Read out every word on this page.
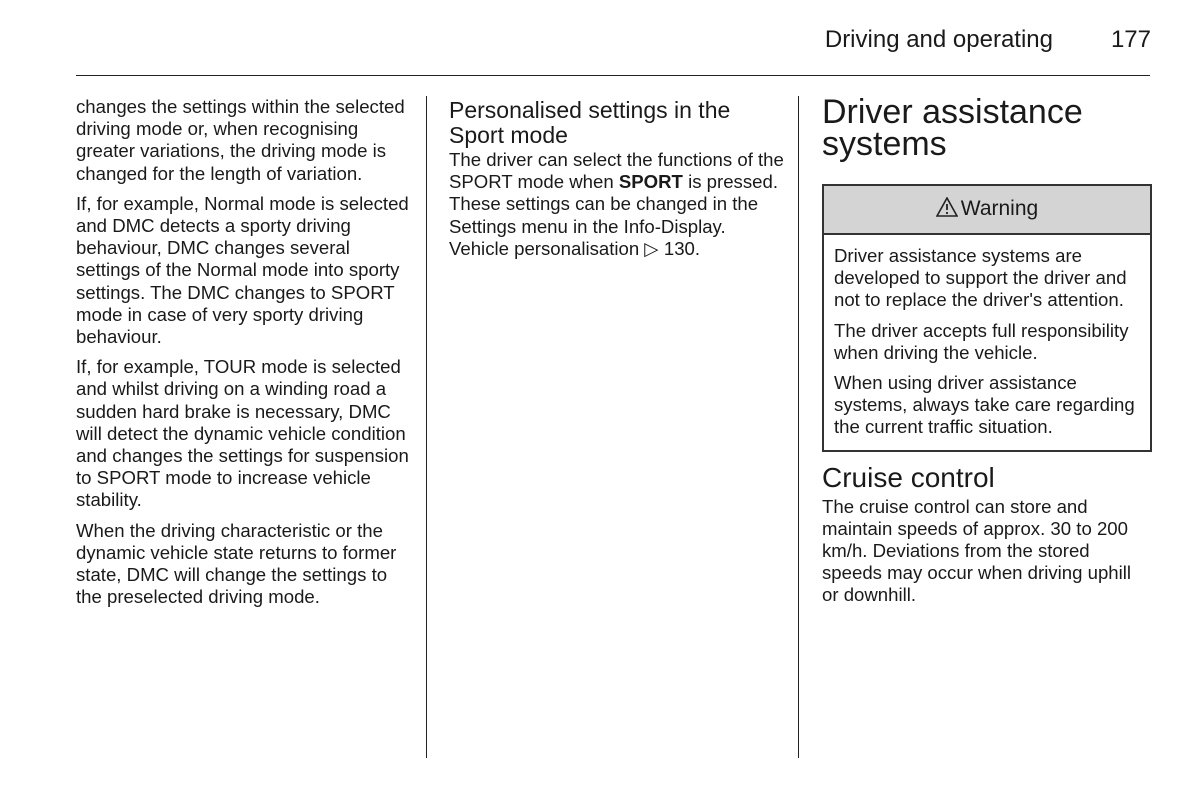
Driving and operating 177

changes the settings within the selected driving mode or, when recognising greater variations, the driving mode is changed for the length of variation.

If, for example, Normal mode is selected and DMC detects a sporty driving behaviour, DMC changes several settings of the Normal mode into sporty settings. The DMC changes to SPORT mode in case of very sporty driving behaviour.

If, for example, TOUR mode is selected and whilst driving on a winding road a sudden hard brake is necessary, DMC will detect the dynamic vehicle condition and changes the settings for suspension to SPORT mode to increase vehicle stability.

When the driving characteristic or the dynamic vehicle state returns to former state, DMC will change the settings to the preselected driving mode.

Personalised settings in the Sport mode

The driver can select the functions of the SPORT mode when SPORT is pressed. These settings can be changed in the Settings menu in the Info-Display. Vehicle personalisation ◁ 130.

Driver assistance systems
Warning

Driver assistance systems are developed to support the driver and not to replace the driver's attention.

The driver accepts full responsibility when driving the vehicle.

When using driver assistance systems, always take care regarding the current traffic situation.

Cruise control

The cruise control can store and maintain speeds of approx. 30 to 200 km/h. Deviations from the stored speeds may occur when driving uphill or downhill.
